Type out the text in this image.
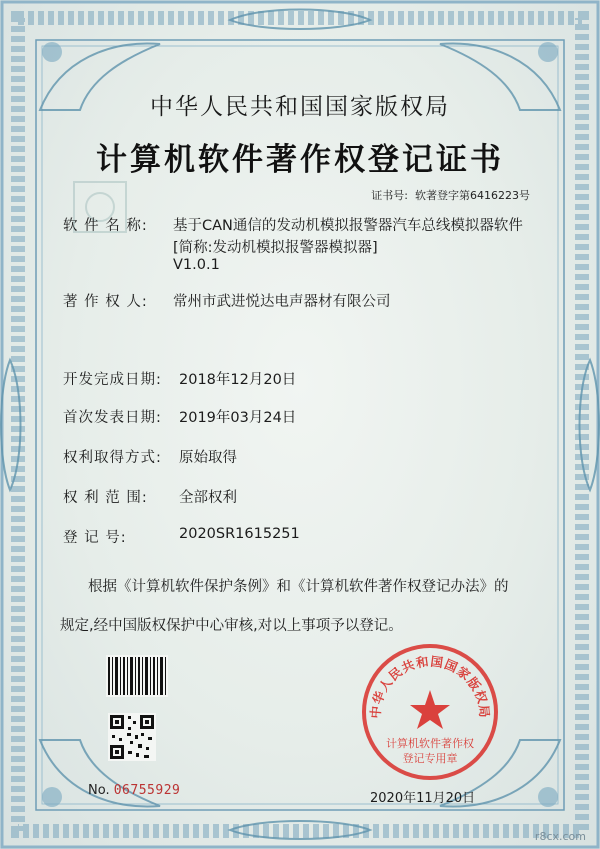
中华人民共和国国家版权局
计算机软件著作权登记证书
证书号: 软著登字第6416223号
软 件 名 称: 基于CAN通信的发动机模拟报警器汽车总线模拟器软件
[简称:发动机模拟报警器模拟器]
V1.0.1
著 作 权 人: 常州市武进悦达电声器材有限公司
开发完成日期: 2018年12月20日
首次发表日期: 2019年03月24日
权利取得方式: 原始取得
权 利 范 围: 全部权利
登 记 号:	2020SR1615251
根据《计算机软件保护条例》和《计算机软件著作权登记办法》的
规定,经中国版权保护中心审核,对以上事项予以登记。
中华人民共和国国家版权局
计算机软件著作权
登记专用章
No. 06755929
2020年11月20日
r8cx.com
